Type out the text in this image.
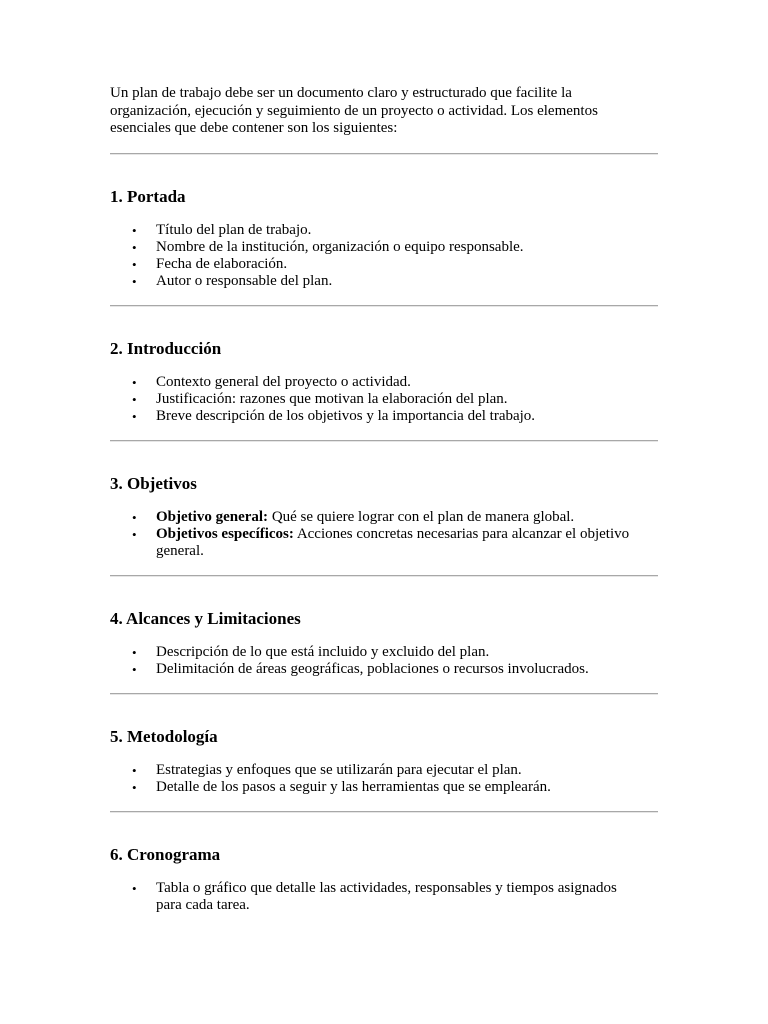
Un plan de trabajo debe ser un documento claro y estructurado que facilite la organización, ejecución y seguimiento de un proyecto o actividad. Los elementos esenciales que debe contener son los siguientes:

1. Portada
• Título del plan de trabajo.
• Nombre de la institución, organización o equipo responsable.
• Fecha de elaboración.
• Autor o responsable del plan.
2. Introducción
• Contexto general del proyecto o actividad.
• Justificación: razones que motivan la elaboración del plan.
• Breve descripción de los objetivos y la importancia del trabajo.
3. Objetivos
• Objetivo general: Qué se quiere lograr con el plan de manera global.
• Objetivos específicos: Acciones concretas necesarias para alcanzar el objetivo general.
4. Alcances y Limitaciones
• Descripción de lo que está incluido y excluido del plan.
• Delimitación de áreas geográficas, poblaciones o recursos involucrados.
5. Metodología
• Estrategias y enfoques que se utilizarán para ejecutar el plan.
• Detalle de los pasos a seguir y las herramientas que se emplearán.
6. Cronograma
• Tabla o gráfico que detalle las actividades, responsables y tiempos asignados para cada tarea.
